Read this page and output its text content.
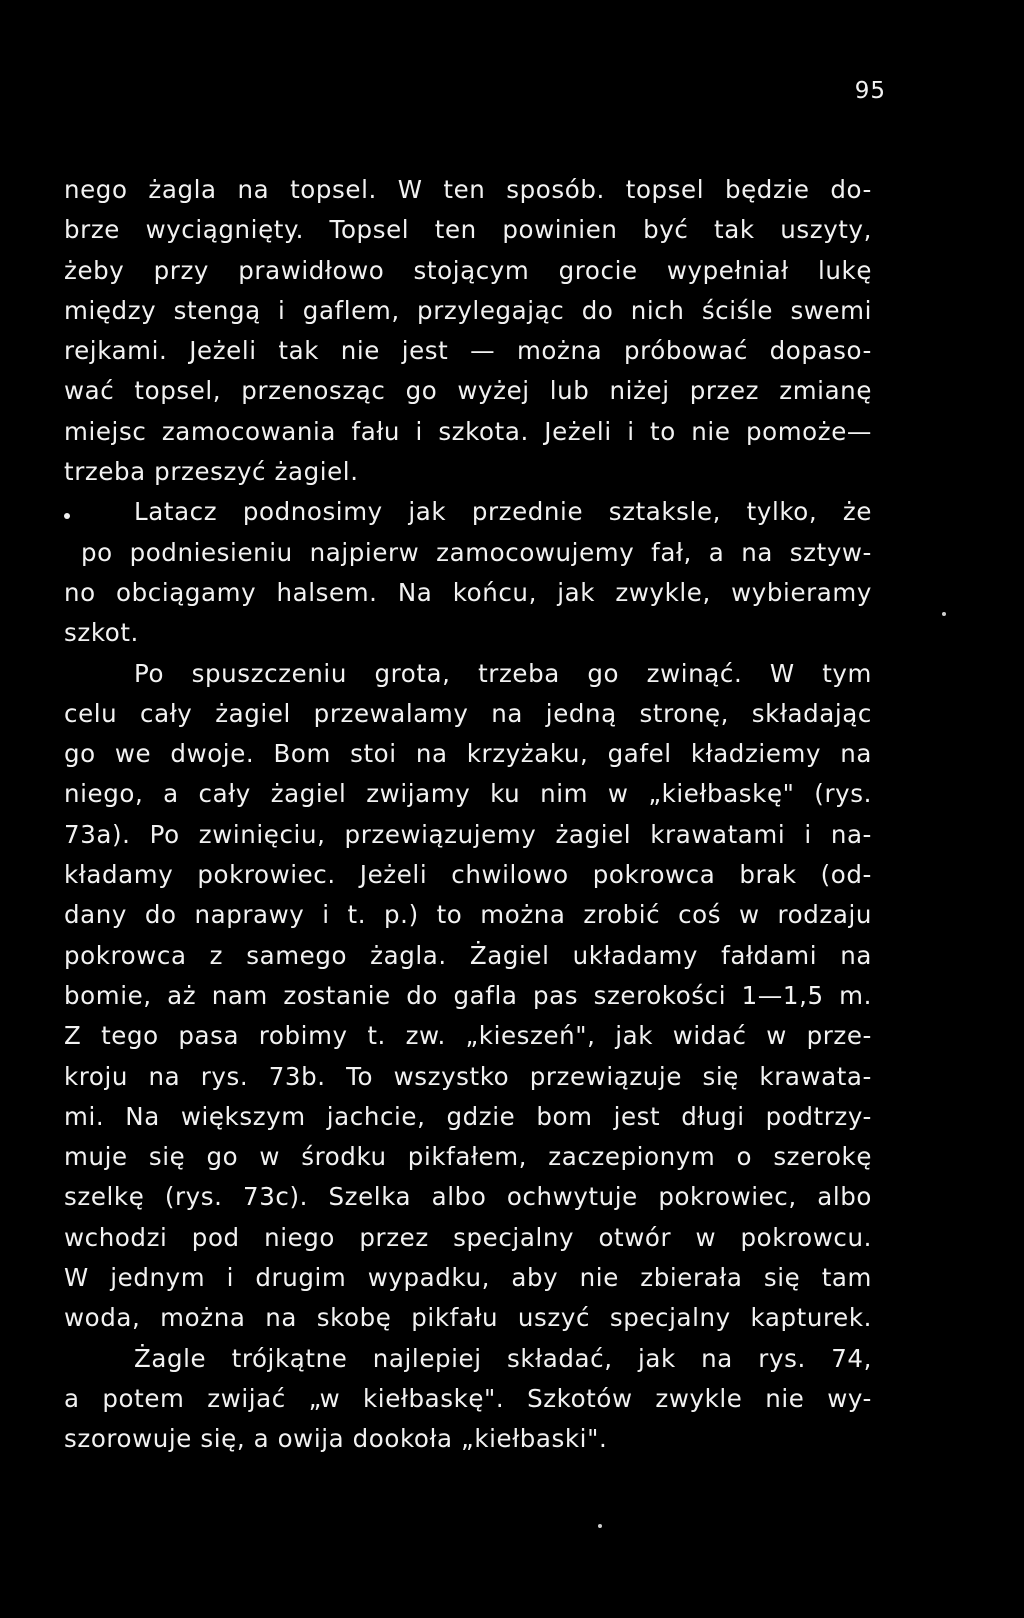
95
nego żagla na topsel. W ten sposób. topsel będzie do-
brze wyciągnięty. Topsel ten powinien być tak uszyty,
żeby przy prawidłowo stojącym grocie wypełniał lukę
między stengą i gaflem, przylegając do nich ściśle swemi
rejkami. Jeżeli tak nie jest — można próbować dopaso-
wać topsel, przenosząc go wyżej lub niżej przez zmianę
miejsc zamocowania fału i szkota. Jeżeli i to nie pomoże—
trzeba przeszyć żagiel.
Latacz podnosimy jak przednie sztaksle, tylko, że
po podniesieniu najpierw zamocowujemy fał, a na sztyw-
no obciągamy halsem. Na końcu, jak zwykle, wybieramy
szkot.
Po spuszczeniu grota, trzeba go zwinąć. W tym
celu cały żagiel przewalamy na jedną stronę, składając
go we dwoje. Bom stoi na krzyżaku, gafel kładziemy na
niego, a cały żagiel zwijamy ku nim w „kiełbaskę" (rys.
73a). Po zwinięciu, przewiązujemy żagiel krawatami i na-
kładamy pokrowiec. Jeżeli chwilowo pokrowca brak (od-
dany do naprawy i t. p.) to można zrobić coś w rodzaju
pokrowca z samego żagla. Żagiel układamy fałdami na
bomie, aż nam zostanie do gafla pas szerokości 1—1,5 m.
Z tego pasa robimy t. zw. „kieszeń", jak widać w prze-
kroju na rys. 73b. To wszystko przewiązuje się krawata-
mi. Na większym jachcie, gdzie bom jest długi podtrzy-
muje się go w środku pikfałem, zaczepionym o szerokę
szelkę (rys. 73c). Szelka albo ochwytuje pokrowiec, albo
wchodzi pod niego przez specjalny otwór w pokrowcu.
W jednym i drugim wypadku, aby nie zbierała się tam
woda, można na skobę pikfału uszyć specjalny kapturek.
Żagle trójkątne najlepiej składać, jak na rys. 74,
a potem zwijać „w kiełbaskę". Szkotów zwykle nie wy-
szorowuje się, a owija dookoła „kiełbaski".
